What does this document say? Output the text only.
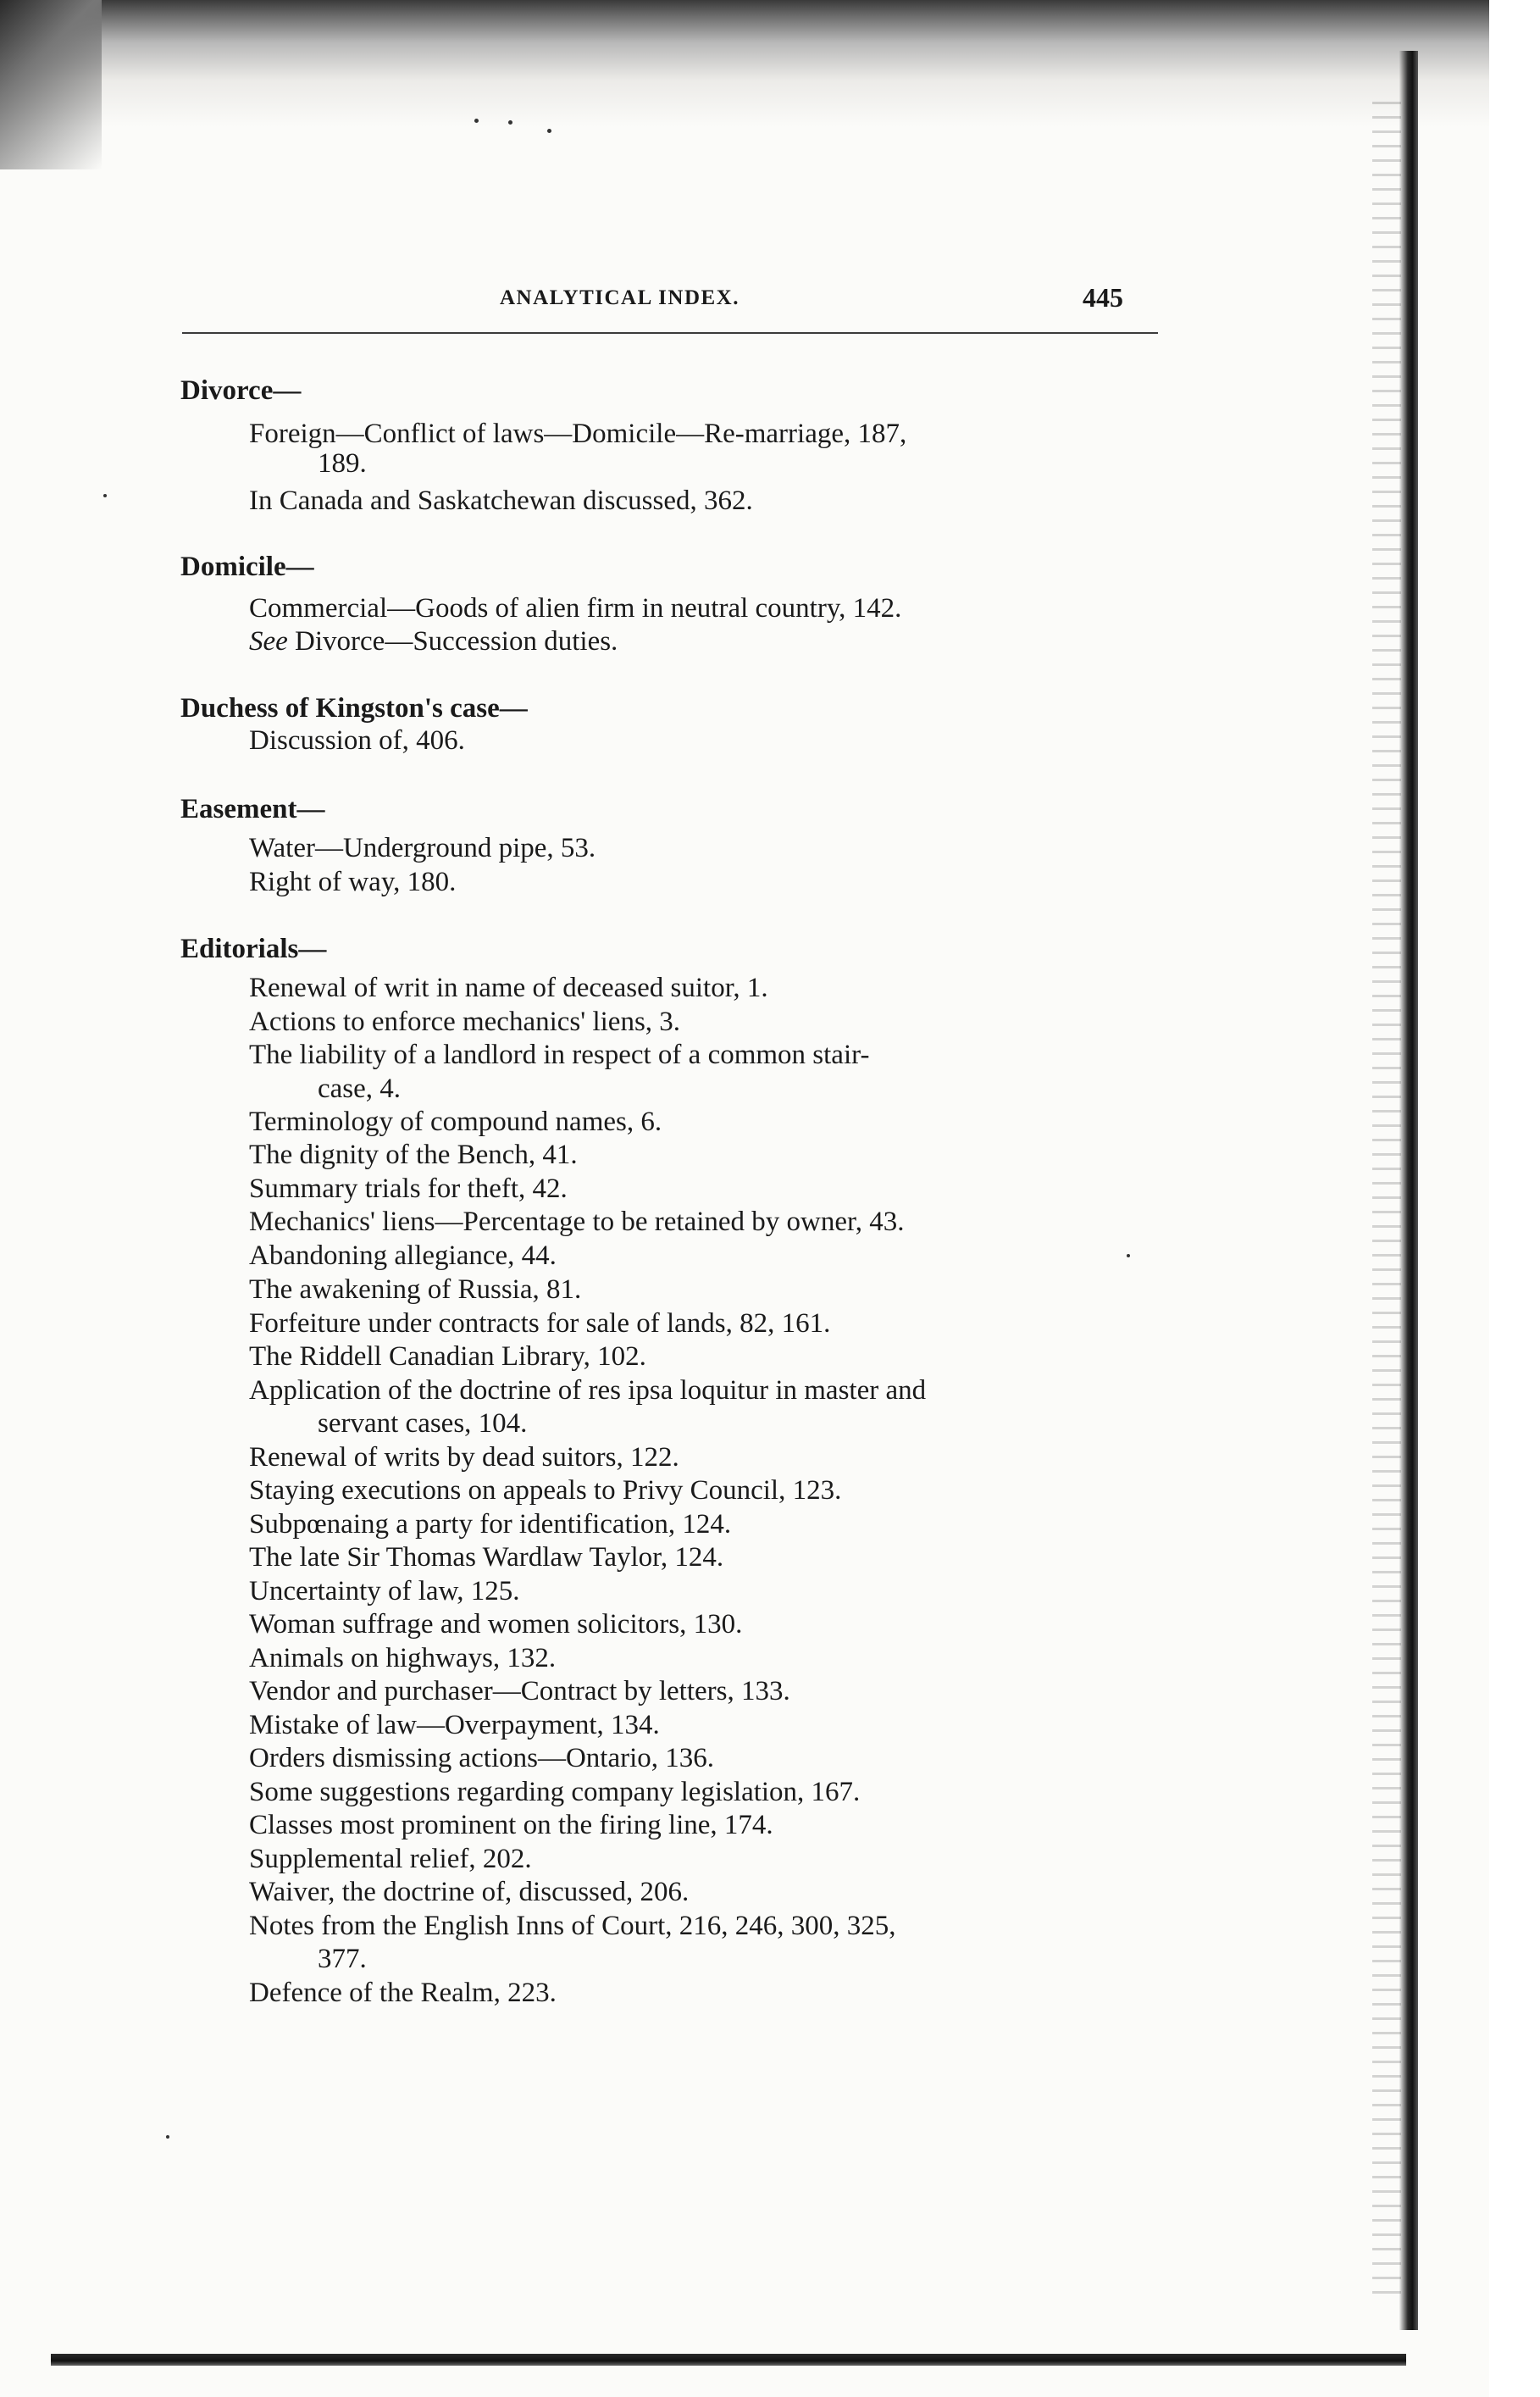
ANALYTICAL INDEX.	445
Divorce—
Foreign—Conflict of laws—Domicile—Re-marriage, 187,
189.
In Canada and Saskatchewan discussed, 362.
Domicile—
Commercial—Goods of alien firm in neutral country, 142.
See Divorce—Succession duties.
Duchess of Kingston's case—
Discussion of, 406.
Easement—
Water—Underground pipe, 53.
Right of way, 180.
Editorials—
Renewal of writ in name of deceased suitor, 1.
Actions to enforce mechanics' liens, 3.
The liability of a landlord in respect of a common stair-
case, 4.
Terminology of compound names, 6.
The dignity of the Bench, 41.
Summary trials for theft, 42.
Mechanics' liens—Percentage to be retained by owner, 43.
Abandoning allegiance, 44.
The awakening of Russia, 81.
Forfeiture under contracts for sale of lands, 82, 161.
The Riddell Canadian Library, 102.
Application of the doctrine of res ipsa loquitur in master and
servant cases, 104.
Renewal of writs by dead suitors, 122.
Staying executions on appeals to Privy Council, 123.
Subpœnaing a party for identification, 124.
The late Sir Thomas Wardlaw Taylor, 124.
Uncertainty of law, 125.
Woman suffrage and women solicitors, 130.
Animals on highways, 132.
Vendor and purchaser—Contract by letters, 133.
Mistake of law—Overpayment, 134.
Orders dismissing actions—Ontario, 136.
Some suggestions regarding company legislation, 167.
Classes most prominent on the firing line, 174.
Supplemental relief, 202.
Waiver, the doctrine of, discussed, 206.
Notes from the English Inns of Court, 216, 246, 300, 325,
377.
Defence of the Realm, 223.
